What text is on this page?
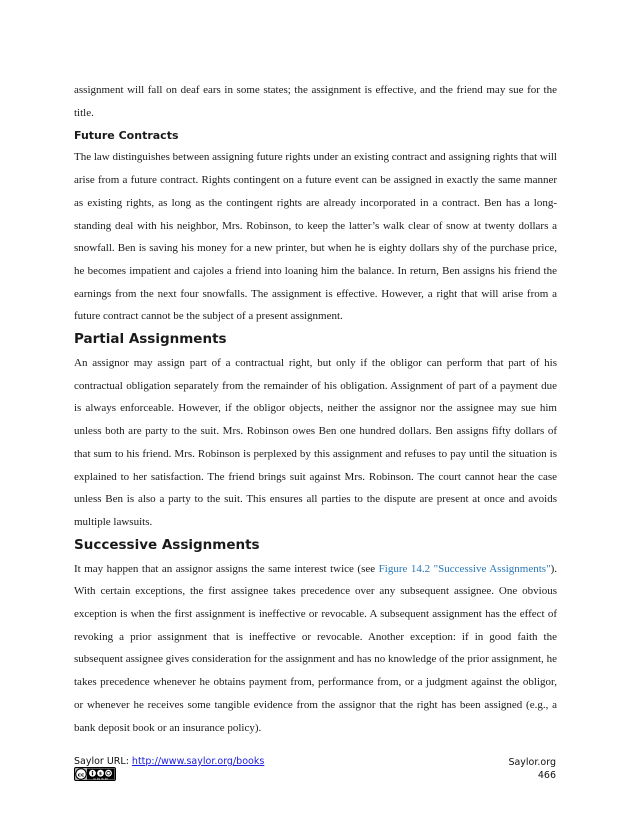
assignment will fall on deaf ears in some states; the assignment is effective, and the friend may sue for the title.

Future Contracts

The law distinguishes between assigning future rights under an existing contract and assigning rights that will arise from a future contract. Rights contingent on a future event can be assigned in exactly the same manner as existing rights, as long as the contingent rights are already incorporated in a contract. Ben has a long-standing deal with his neighbor, Mrs. Robinson, to keep the latter’s walk clear of snow at twenty dollars a snowfall. Ben is saving his money for a new printer, but when he is eighty dollars shy of the purchase price, he becomes impatient and cajoles a friend into loaning him the balance. In return, Ben assigns his friend the earnings from the next four snowfalls. The assignment is effective. However, a right that will arise from a future contract cannot be the subject of a present assignment.

Partial Assignments

An assignor may assign part of a contractual right, but only if the obligor can perform that part of his contractual obligation separately from the remainder of his obligation. Assignment of part of a payment due is always enforceable. However, if the obligor objects, neither the assignor nor the assignee may sue him unless both are party to the suit. Mrs. Robinson owes Ben one hundred dollars. Ben assigns fifty dollars of that sum to his friend. Mrs. Robinson is perplexed by this assignment and refuses to pay until the situation is explained to her satisfaction. The friend brings suit against Mrs. Robinson. The court cannot hear the case unless Ben is also a party to the suit. This ensures all parties to the dispute are present at once and avoids multiple lawsuits.

Successive Assignments

It may happen that an assignor assigns the same interest twice (see Figure 14.2 "Successive Assignments"). With certain exceptions, the first assignee takes precedence over any subsequent assignee. One obvious exception is when the first assignment is ineffective or revocable. A subsequent assignment has the effect of revoking a prior assignment that is ineffective or revocable. Another exception: if in good faith the subsequent assignee gives consideration for the assignment and has no knowledge of the prior assignment, he takes precedence whenever he obtains payment from, performance from, or a judgment against the obligor, or whenever he receives some tangible evidence from the assignor that the right has been assigned (e.g., a bank deposit book or an insurance policy).

Saylor URL: http://www.saylor.org/books
cc	$
cc by nc sa
Saylor.org
466
